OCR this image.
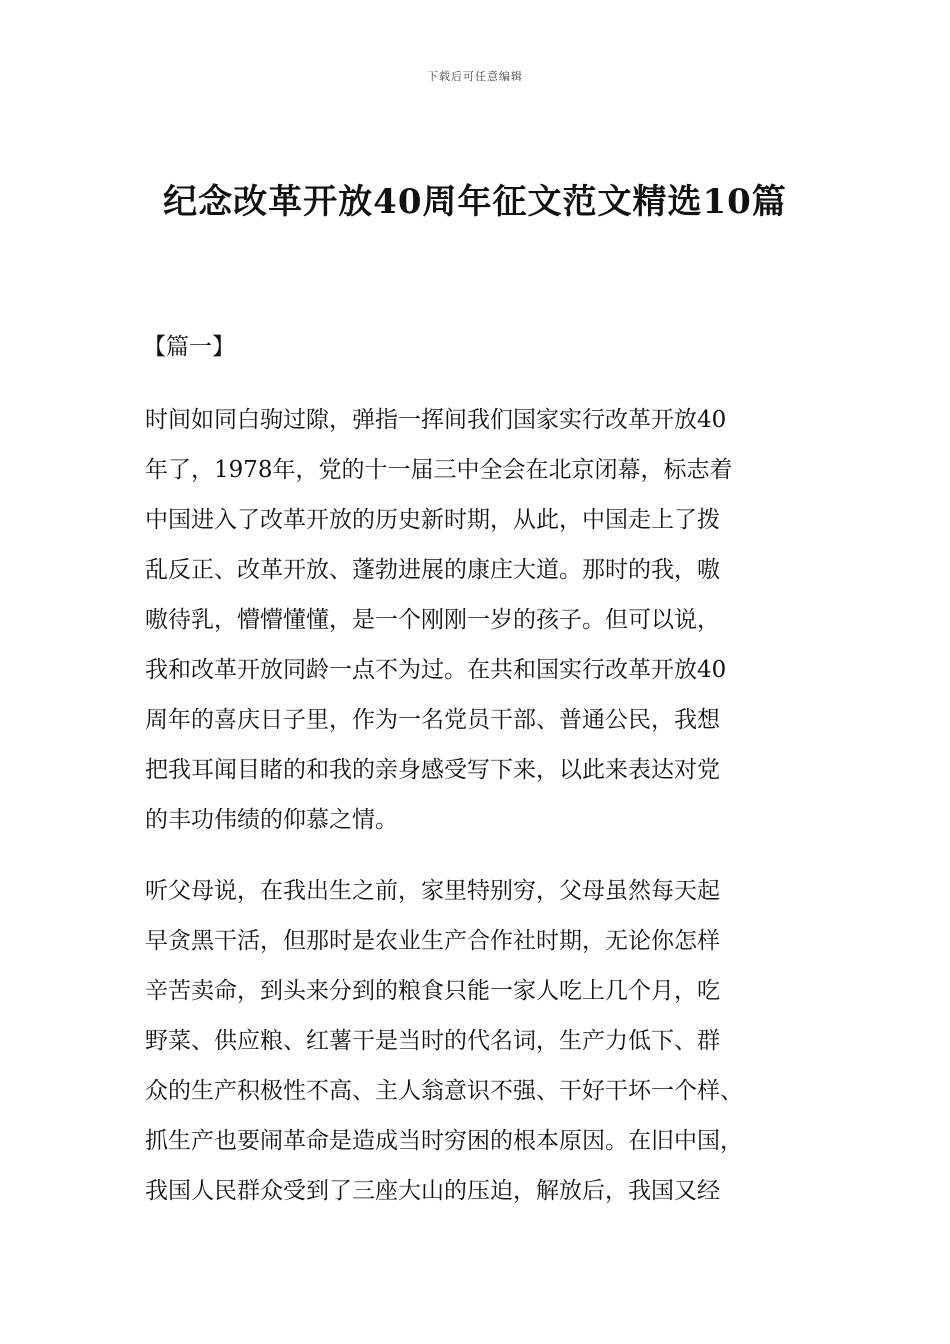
下载后可任意编辑
纪念改革开放40周年征文范文精选10篇
【篇一】

时间如同白驹过隙，弹指一挥间我们国家实行改革开放40
年了，1978年，党的十一届三中全会在北京闭幕，标志着
中国进入了改革开放的历史新时期，从此，中国走上了拨
乱反正、改革开放、蓬勃进展的康庄大道。那时的我，嗷
嗷待乳，懵懵懂懂，是一个刚刚一岁的孩子。但可以说，
我和改革开放同龄一点不为过。在共和国实行改革开放40
周年的喜庆日子里，作为一名党员干部、普通公民，我想
把我耳闻目睹的和我的亲身感受写下来，以此来表达对党
的丰功伟绩的仰慕之情。

听父母说，在我出生之前，家里特别穷，父母虽然每天起
早贪黑干活，但那时是农业生产合作社时期，无论你怎样
辛苦卖命，到头来分到的粮食只能一家人吃上几个月，吃
野菜、供应粮、红薯干是当时的代名词，生产力低下、群
众的生产积极性不高、主人翁意识不强、干好干坏一个样、
抓生产也要闹革命是造成当时穷困的根本原因。在旧中国，
我国人民群众受到了三座大山的压迫，解放后，我国又经
